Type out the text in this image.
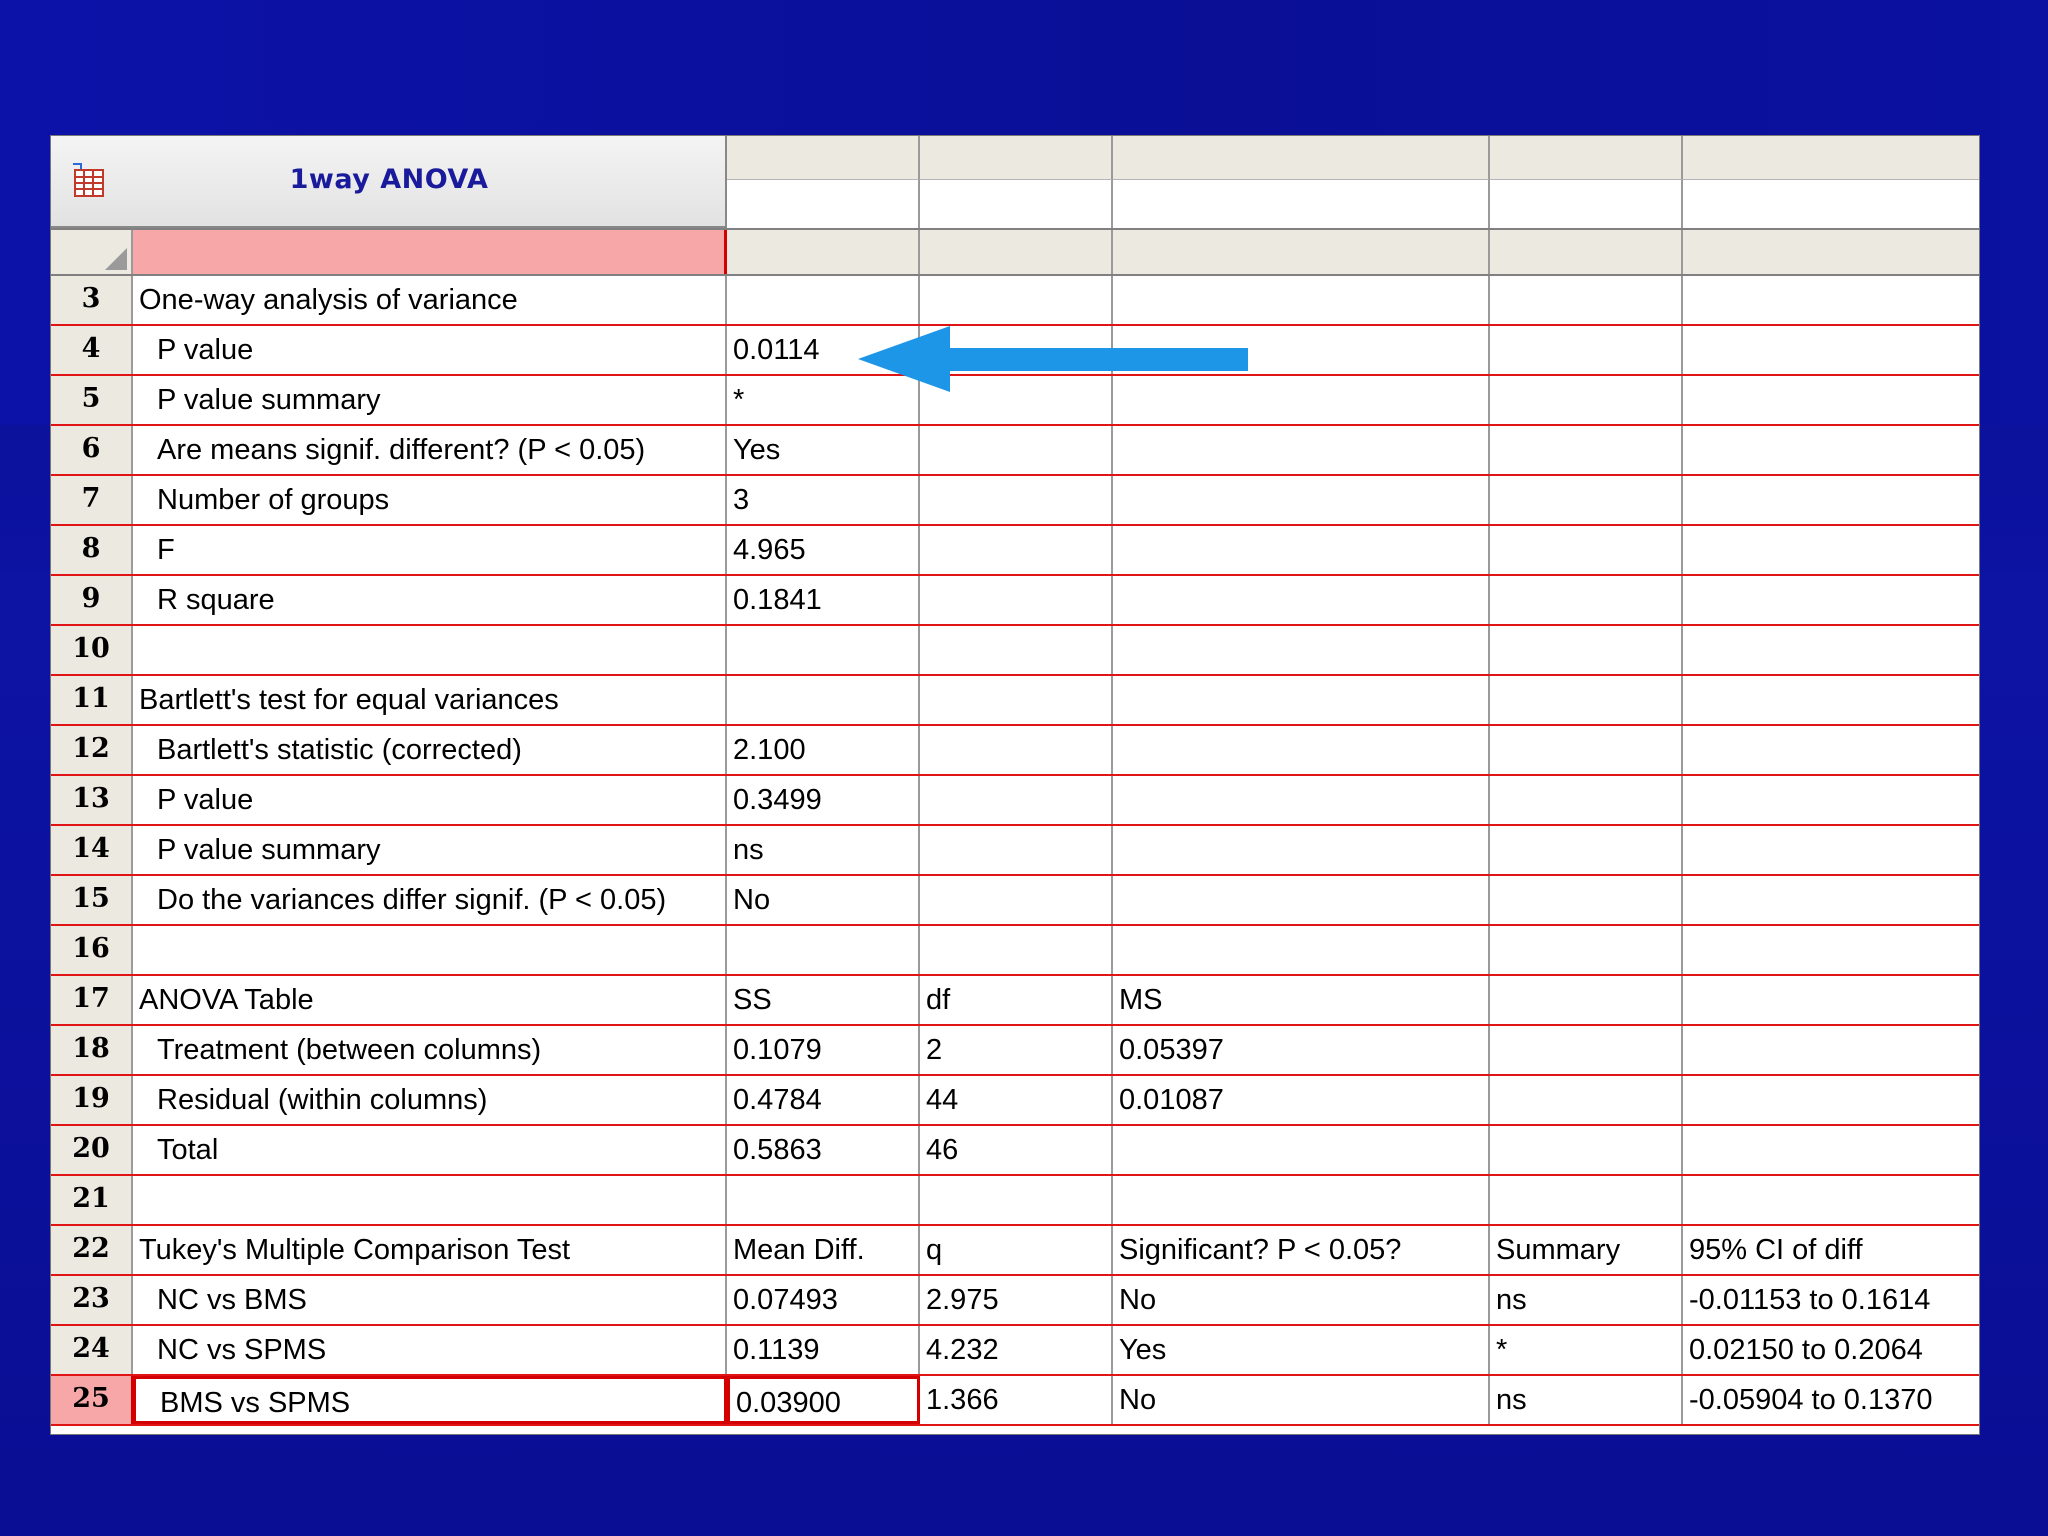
1way ANOVA
3	One-way analysis of variance
4	P value	0.0114
5	P value summary	*
6	Are means signif. different? (P < 0.05)	Yes
7	Number of groups	3
8	F	4.965
9	R square	0.1841
10
11	Bartlett's test for equal variances
12	Bartlett's statistic (corrected)	2.100
13	P value	0.3499
14	P value summary	ns
15	Do the variances differ signif. (P < 0.05)	No
16
17	ANOVA Table	SS	df	MS
18	Treatment (between columns)	0.1079	2	0.05397
19	Residual (within columns)	0.4784	44	0.01087
20	Total	0.5863	46
21
22	Tukey's Multiple Comparison Test	Mean Diff.	q	Significant? P < 0.05?	Summary	95% CI of diff
23	NC vs BMS	0.07493	2.975	No	ns	-0.01153 to 0.1614
24	NC vs SPMS	0.1139	4.232	Yes	*	0.02150 to 0.2064
25	BMS vs SPMS	0.03900	1.366	No	ns	-0.05904 to 0.1370
